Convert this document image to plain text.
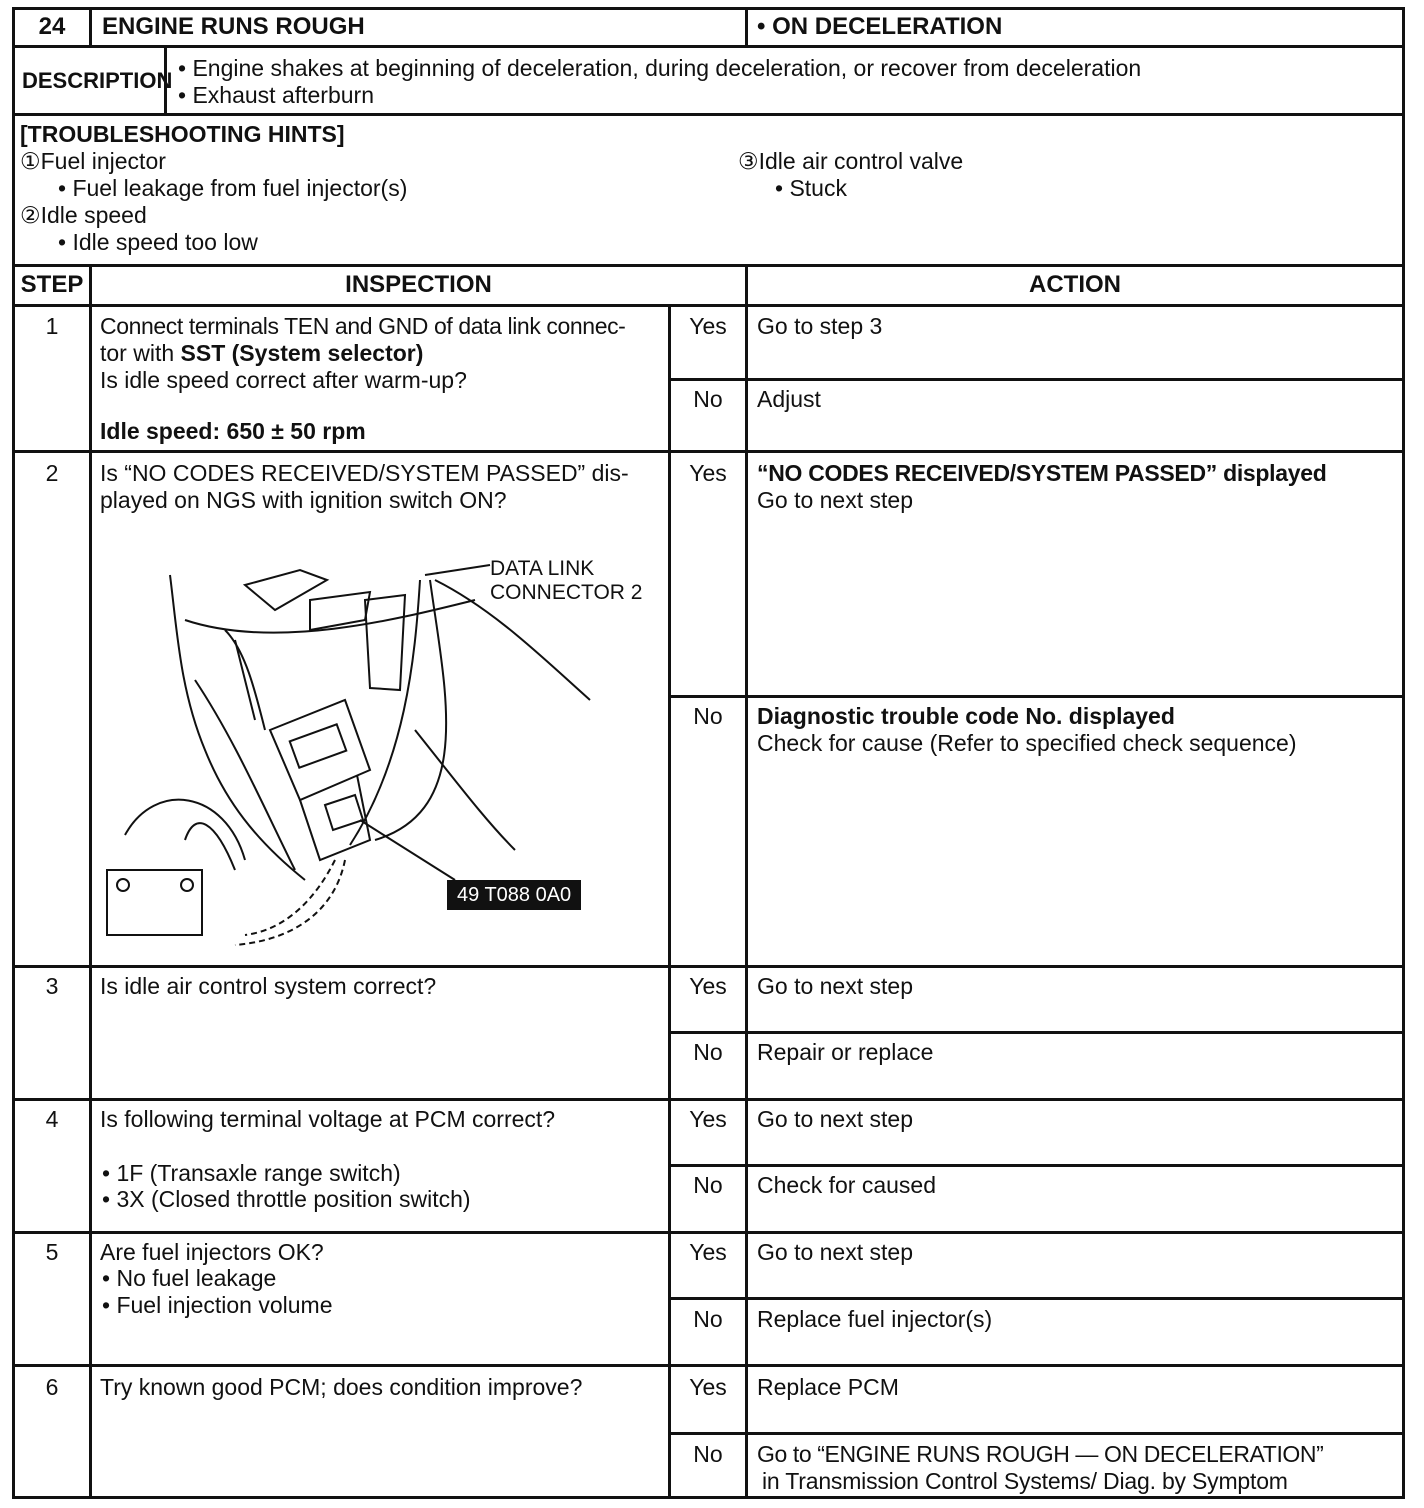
24	ENGINE RUNS ROUGH	• ON DECELERATION
DESCRIPTION
• Engine shakes at beginning of deceleration, during deceleration, or recover from deceleration
• Exhaust afterburn
[TROUBLESHOOTING HINTS]
①Fuel injector
• Fuel leakage from fuel injector(s)
②Idle speed
• Idle speed too low
③Idle air control valve
• Stuck
STEP	INSPECTION	ACTION
1	Connect terminals TEN and GND of data link connec-
tor with SST (System selector)
Is idle speed correct after warm-up?
Idle speed: 650 ± 50 rpm
Yes	Go to step 3
No	Adjust
2	Is “NO CODES RECEIVED/SYSTEM PASSED” dis-
played on NGS with ignition switch ON?
Yes	“NO CODES RECEIVED/SYSTEM PASSED” displayed
Go to next step
No	Diagnostic trouble code No. displayed
Check for cause (Refer to specified check sequence)
DATA LINK
CONNECTOR 2
49 T088 0A0
3	Is idle air control system correct?	Yes	Go to next step
No	Repair or replace
4	Is following terminal voltage at PCM correct?
• 1F (Transaxle range switch)
• 3X (Closed throttle position switch)
Yes	Go to next step
No	Check for caused
5	Are fuel injectors OK?
• No fuel leakage
• Fuel injection volume
Yes	Go to next step
No	Replace fuel injector(s)
6	Try known good PCM; does condition improve?	Yes	Replace PCM
No	Go to “ENGINE RUNS ROUGH — ON DECELERATION”
in Transmission Control Systems/ Diag. by Symptom
